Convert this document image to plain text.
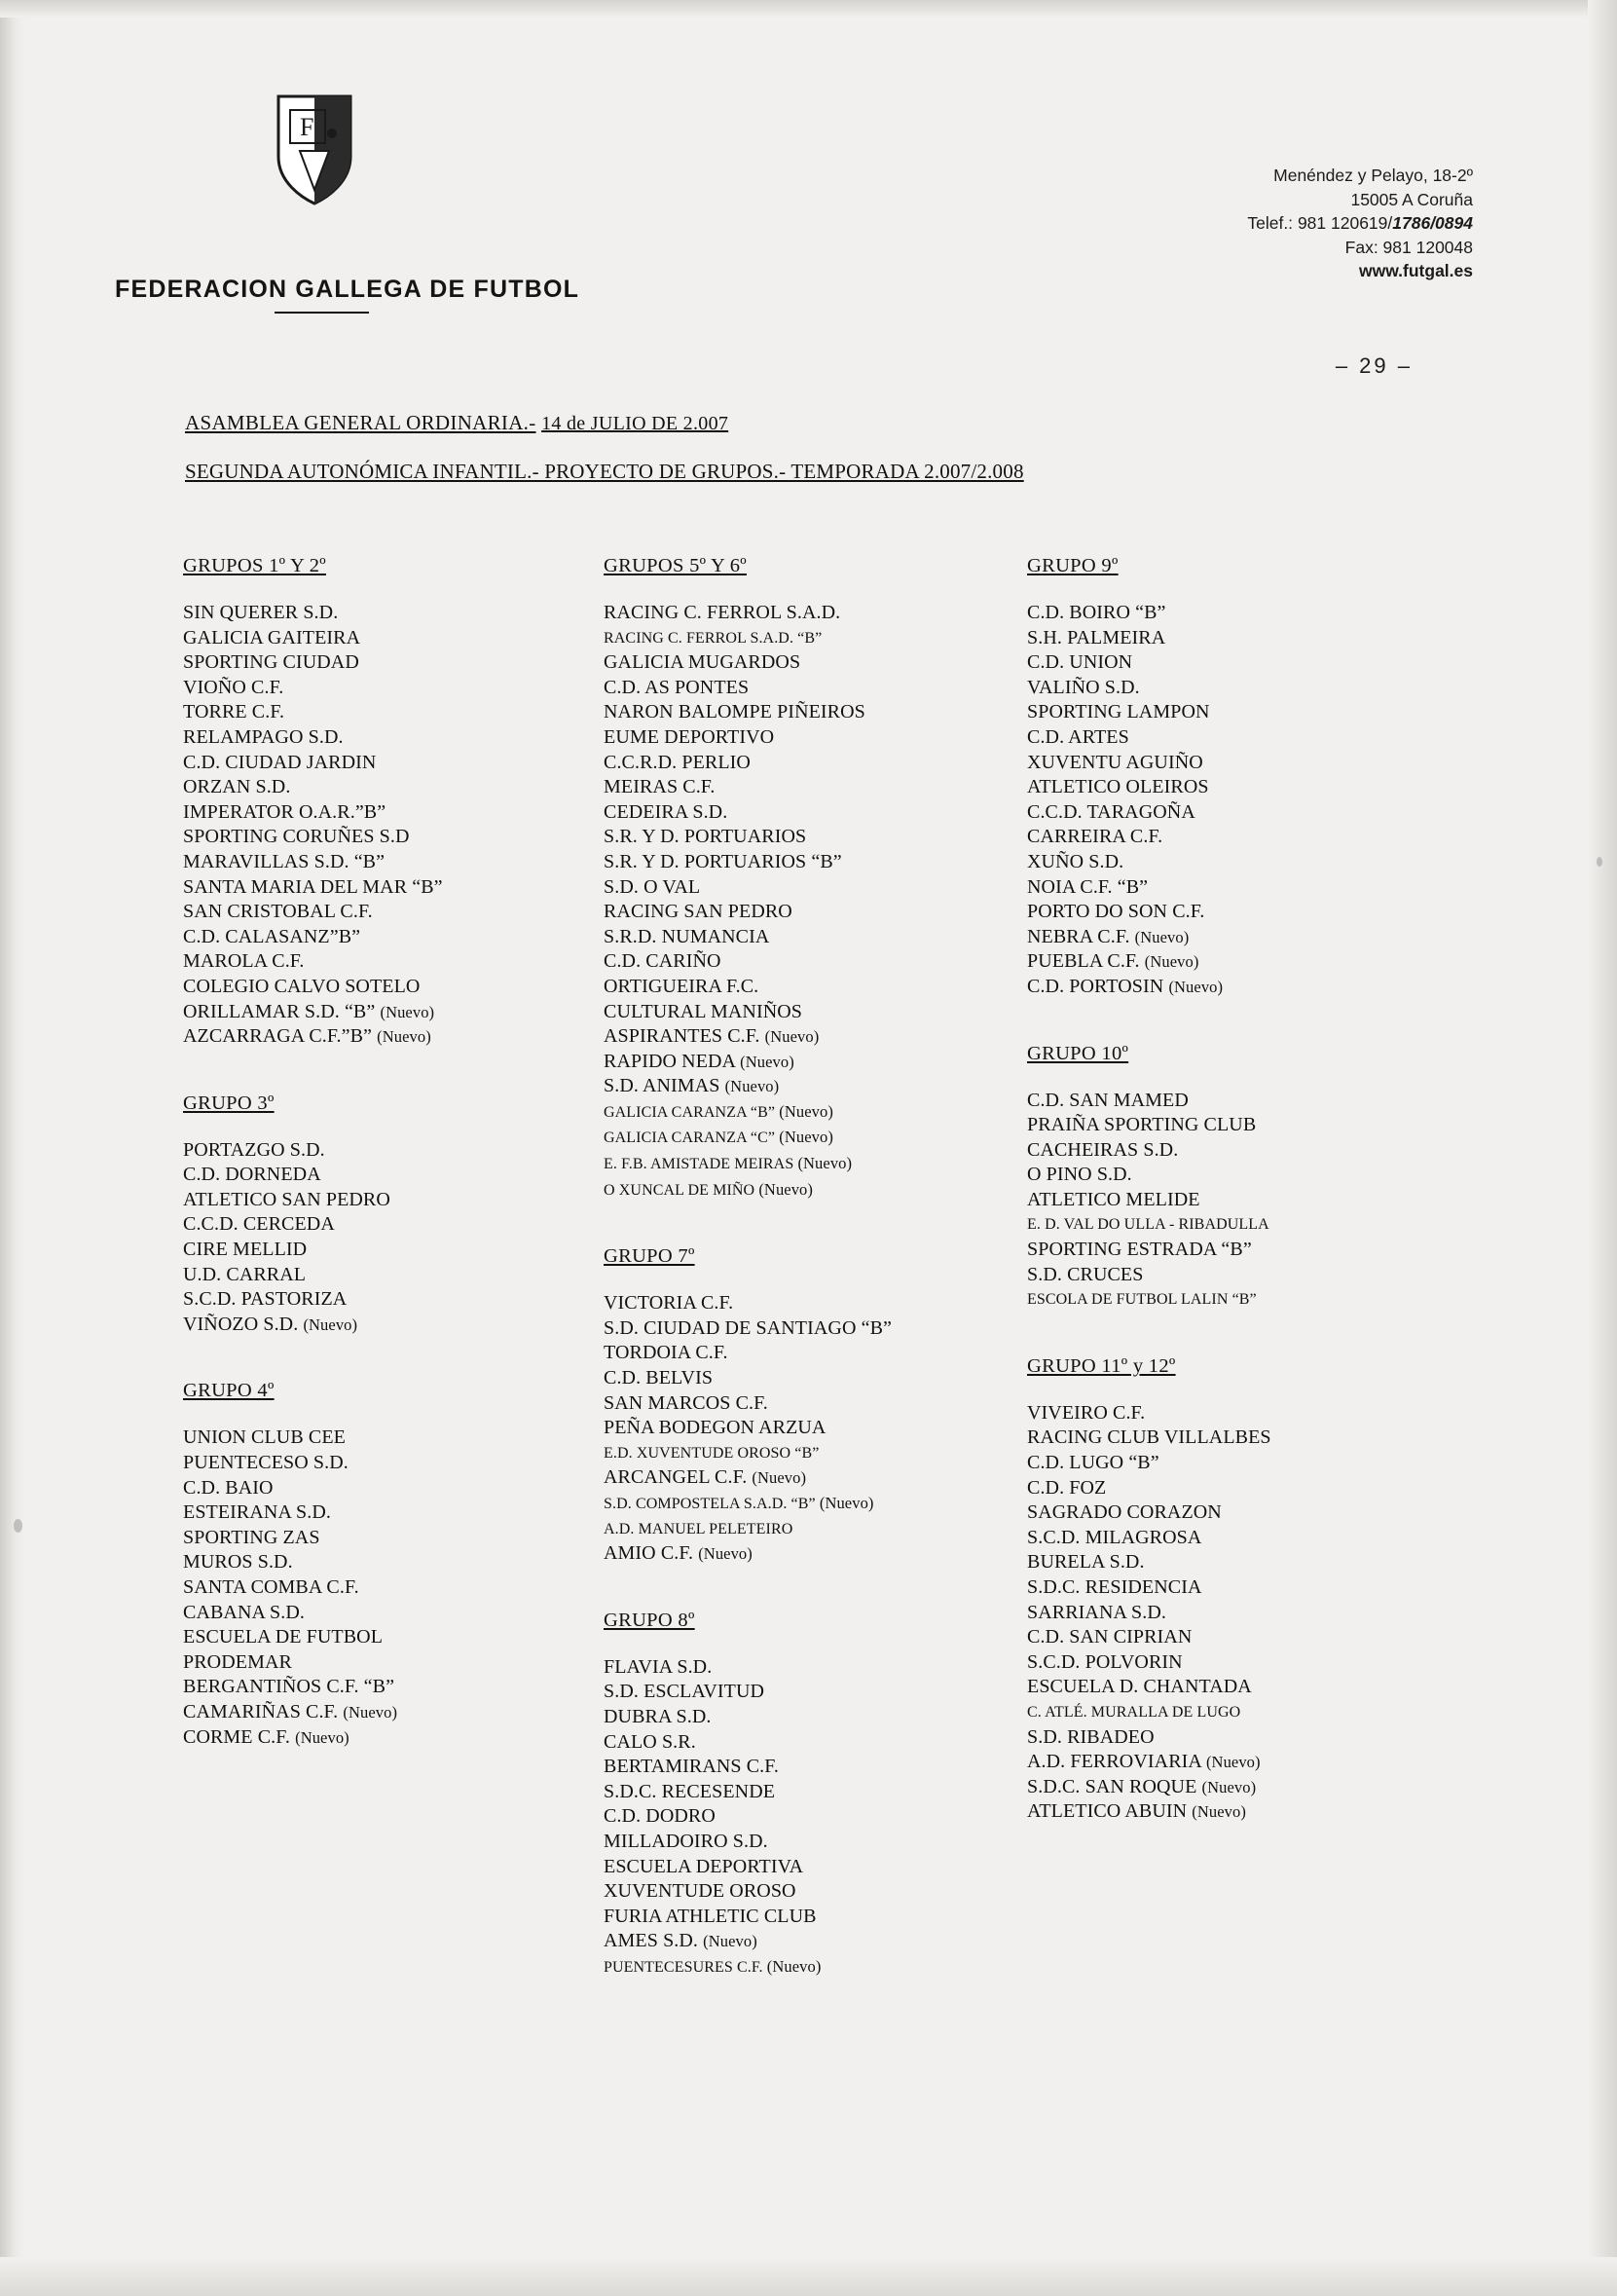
F
FEDERACION GALLEGA DE FUTBOL
Menéndez y Pelayo, 18-2º
15005 A Coruña
Telef.: 981 120619/1786/0894
Fax: 981 120048
www.futgal.es
– 29 –
ASAMBLEA GENERAL ORDINARIA.- 14 de JULIO DE 2.007
SEGUNDA AUTONÓMICA INFANTIL.- PROYECTO DE GRUPOS.- TEMPORADA 2.007/2.008
GRUPOS 1º Y 2º
SIN QUERER S.D.
GALICIA GAITEIRA
SPORTING CIUDAD
VIOÑO C.F.
TORRE C.F.
RELAMPAGO S.D.
C.D. CIUDAD JARDIN
ORZAN S.D.
IMPERATOR O.A.R.”B”
SPORTING CORUÑES S.D
MARAVILLAS S.D. “B”
SANTA MARIA DEL MAR “B”
SAN CRISTOBAL C.F.
C.D. CALASANZ”B”
MAROLA C.F.
COLEGIO CALVO SOTELO
ORILLAMAR S.D. “B” (Nuevo)
AZCARRAGA C.F.”B” (Nuevo)
GRUPO 3º
PORTAZGO S.D.
C.D. DORNEDA
ATLETICO SAN PEDRO
C.C.D. CERCEDA
CIRE MELLID
U.D. CARRAL
S.C.D. PASTORIZA
VIÑOZO S.D. (Nuevo)
GRUPO 4º
UNION CLUB CEE
PUENTECESO S.D.
C.D. BAIO
ESTEIRANA S.D.
SPORTING ZAS
MUROS S.D.
SANTA COMBA C.F.
CABANA S.D.
ESCUELA DE FUTBOL
PRODEMAR
BERGANTIÑOS C.F. “B”
CAMARIÑAS C.F. (Nuevo)
CORME C.F. (Nuevo)
GRUPOS 5º Y 6º
RACING C. FERROL S.A.D.
RACING C. FERROL S.A.D. “B”
GALICIA MUGARDOS
C.D. AS PONTES
NARON BALOMPE PIÑEIROS
EUME DEPORTIVO
C.C.R.D. PERLIO
MEIRAS C.F.
CEDEIRA S.D.
S.R. Y D. PORTUARIOS
S.R. Y D. PORTUARIOS “B”
S.D. O VAL
RACING SAN PEDRO
S.R.D. NUMANCIA
C.D. CARIÑO
ORTIGUEIRA F.C.
CULTURAL MANIÑOS
ASPIRANTES C.F. (Nuevo)
RAPIDO NEDA (Nuevo)
S.D. ANIMAS (Nuevo)
GALICIA CARANZA “B” (Nuevo)
GALICIA CARANZA “C” (Nuevo)
E. F.B. AMISTADE MEIRAS (Nuevo)
O XUNCAL DE MIÑO (Nuevo)
GRUPO 7º
VICTORIA C.F.
S.D. CIUDAD DE SANTIAGO “B”
TORDOIA C.F.
C.D. BELVIS
SAN MARCOS C.F.
PEÑA BODEGON ARZUA
E.D. XUVENTUDE OROSO “B”
ARCANGEL C.F. (Nuevo)
S.D. COMPOSTELA S.A.D. “B” (Nuevo)
A.D. MANUEL PELETEIRO
AMIO C.F. (Nuevo)
GRUPO 8º
FLAVIA S.D.
S.D. ESCLAVITUD
DUBRA S.D.
CALO S.R.
BERTAMIRANS C.F.
S.D.C. RECESENDE
C.D. DODRO
MILLADOIRO S.D.
ESCUELA DEPORTIVA
XUVENTUDE OROSO
FURIA ATHLETIC CLUB
AMES S.D. (Nuevo)
PUENTECESURES C.F. (Nuevo)
GRUPO 9º
C.D. BOIRO “B”
S.H. PALMEIRA
C.D. UNION
VALIÑO S.D.
SPORTING LAMPON
C.D. ARTES
XUVENTU AGUIÑO
ATLETICO OLEIROS
C.C.D. TARAGOÑA
CARREIRA C.F.
XUÑO S.D.
NOIA C.F. “B”
PORTO DO SON C.F.
NEBRA C.F. (Nuevo)
PUEBLA C.F. (Nuevo)
C.D. PORTOSIN (Nuevo)
GRUPO 10º
C.D. SAN MAMED
PRAIÑA SPORTING CLUB
CACHEIRAS S.D.
O PINO S.D.
ATLETICO MELIDE
E. D. VAL DO ULLA - RIBADULLA
SPORTING ESTRADA “B”
S.D. CRUCES
ESCOLA DE FUTBOL LALIN “B”
GRUPO 11º y 12º
VIVEIRO C.F.
RACING CLUB VILLALBES
C.D. LUGO “B”
C.D. FOZ
SAGRADO CORAZON
S.C.D. MILAGROSA
BURELA S.D.
S.D.C. RESIDENCIA
SARRIANA S.D.
C.D. SAN CIPRIAN
S.C.D. POLVORIN
ESCUELA D. CHANTADA
C. ATLÉ. MURALLA DE LUGO
S.D. RIBADEO
A.D. FERROVIARIA (Nuevo)
S.D.C. SAN ROQUE (Nuevo)
ATLETICO ABUIN (Nuevo)
